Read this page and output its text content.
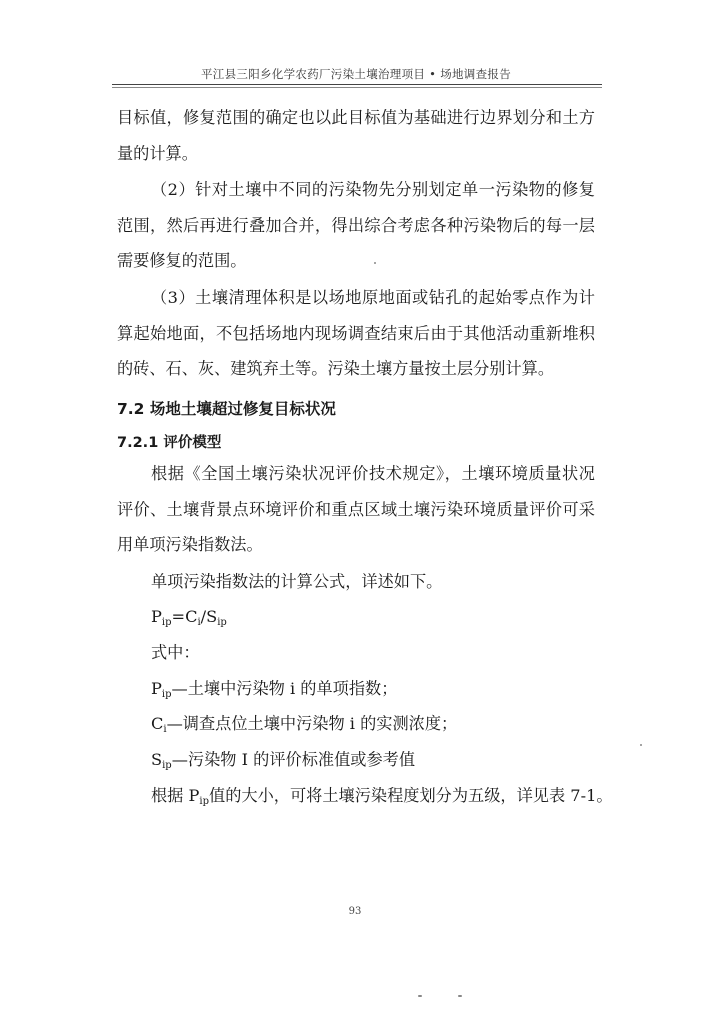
平江县三阳乡化学农药厂污染土壤治理项目 • 场地调查报告
目标值，修复范围的确定也以此目标值为基础进行边界划分和土方量的计算。
（2）针对土壤中不同的污染物先分别划定单一污染物的修复范围，然后再进行叠加合并，得出综合考虑各种污染物后的每一层需要修复的范围。
（3）土壤清理体积是以场地原地面或钻孔的起始零点作为计算起始地面，不包括场地内现场调查结束后由于其他活动重新堆积的砖、石、灰、建筑弃土等。污染土壤方量按土层分别计算。
7.2 场地土壤超过修复目标状况
7.2.1 评价模型
根据《全国土壤污染状况评价技术规定》，土壤环境质量状况评价、土壤背景点环境评价和重点区域土壤污染环境质量评价可采用单项污染指数法。
单项污染指数法的计算公式，详述如下。
$P_{ip}=C_i/S_{ip}$
式中：
$P_{ip}—$土壤中污染物 i 的单项指数；
$C_i—$调查点位土壤中污染物 i 的实测浓度；
$S_{ip}—$污染物 I 的评价标准值或参考值
根据 $P_{ip}$值的大小，可将土壤污染程度划分为五级，详见表 7-1。
93
